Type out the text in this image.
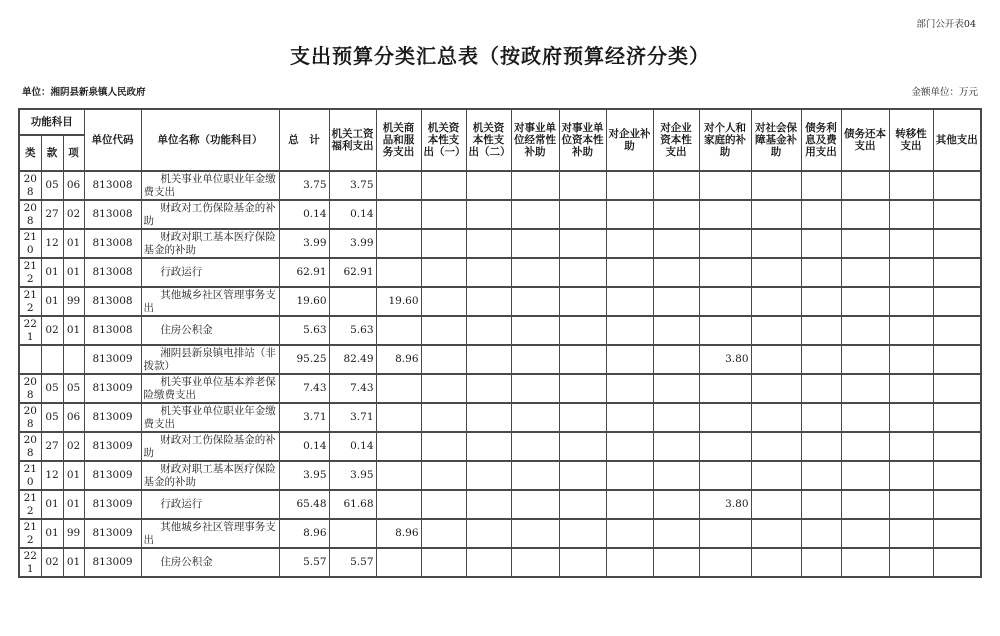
部门公开表04
支出预算分类汇总表（按政府预算经济分类）
单位：湘阴县新泉镇人民政府	金额单位：万元
功能科目			单位代码	单位名称（功能科目）	总　计	机关工资福利支出	机关商品和服务支出	机关资本性支出（一）	机关资本性支出（二）	对事业单位经常性补助	对事业单位资本性补助	对企业补助	对企业资本性支出	对个人和家庭的补助	对社会保障基金补助	债务利息及费用支出	债务还本支出	转移性支出	其他支出
类	款	项																	
208	05	06	813008	机关事业单位职业年金缴费支出	3.75	3.75													
208	27	02	813008	财政对工伤保险基金的补助	0.14	0.14													
210	12	01	813008	财政对职工基本医疗保险基金的补助	3.99	3.99													
212	01	01	813008	行政运行	62.91	62.91													
212	01	99	813008	其他城乡社区管理事务支出	19.60		19.60												
221	02	01	813008	住房公积金	5.63	5.63													
			813009	湘阴县新泉镇电排站（非拨款）	95.25	82.49	8.96							3.80					
208	05	05	813009	机关事业单位基本养老保险缴费支出	7.43	7.43													
208	05	06	813009	机关事业单位职业年金缴费支出	3.71	3.71													
208	27	02	813009	财政对工伤保险基金的补助	0.14	0.14													
210	12	01	813009	财政对职工基本医疗保险基金的补助	3.95	3.95													
212	01	01	813009	行政运行	65.48	61.68								3.80					
212	01	99	813009	其他城乡社区管理事务支出	8.96		8.96												
221	02	01	813009	住房公积金	5.57	5.57													
